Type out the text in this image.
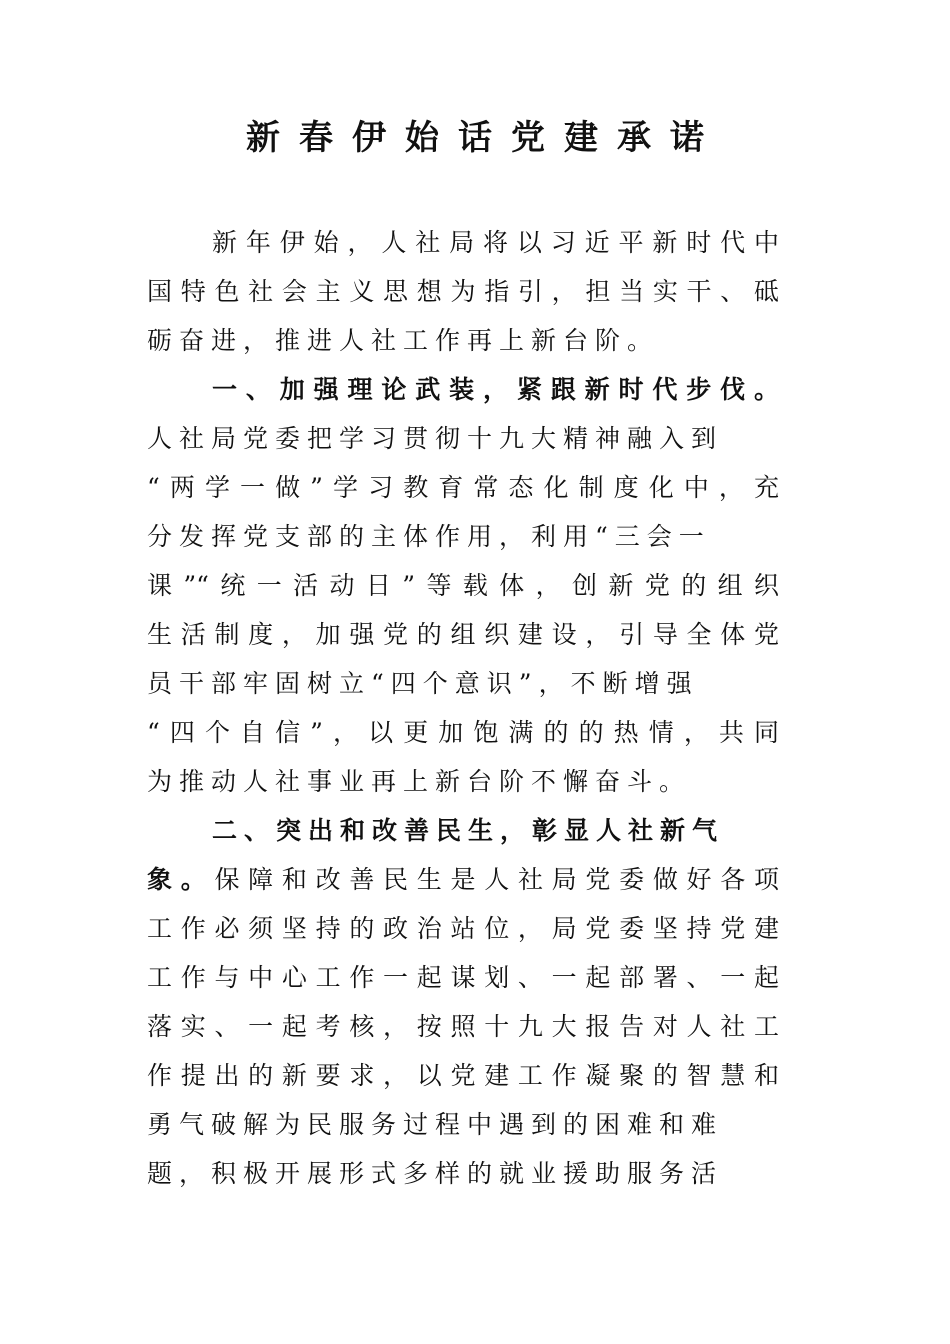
新春伊始话党建承诺

新年伊始，人社局将以习近平新时代中

国特色社会主义思想为指引，担当实干、砥

砺奋进，推进人社工作再上新台阶。

一、加强理论武装，紧跟新时代步伐。

人社局党委把学习贯彻十九大精神融入到

“两学一做”学习教育常态化制度化中，充

分发挥党支部的主体作用，利用“三会一

课”“统一活动日”等载体，创新党的组织

生活制度，加强党的组织建设，引导全体党

员干部牢固树立“四个意识”，不断增强

“四个自信”，以更加饱满的的热情，共同

为推动人社事业再上新台阶不懈奋斗。

二、突出和改善民生，彰显人社新气

象。保障和改善民生是人社局党委做好各项

工作必须坚持的政治站位，局党委坚持党建

工作与中心工作一起谋划、一起部署、一起

落实、一起考核，按照十九大报告对人社工

作提出的新要求，以党建工作凝聚的智慧和

勇气破解为民服务过程中遇到的困难和难

题，积极开展形式多样的就业援助服务活
